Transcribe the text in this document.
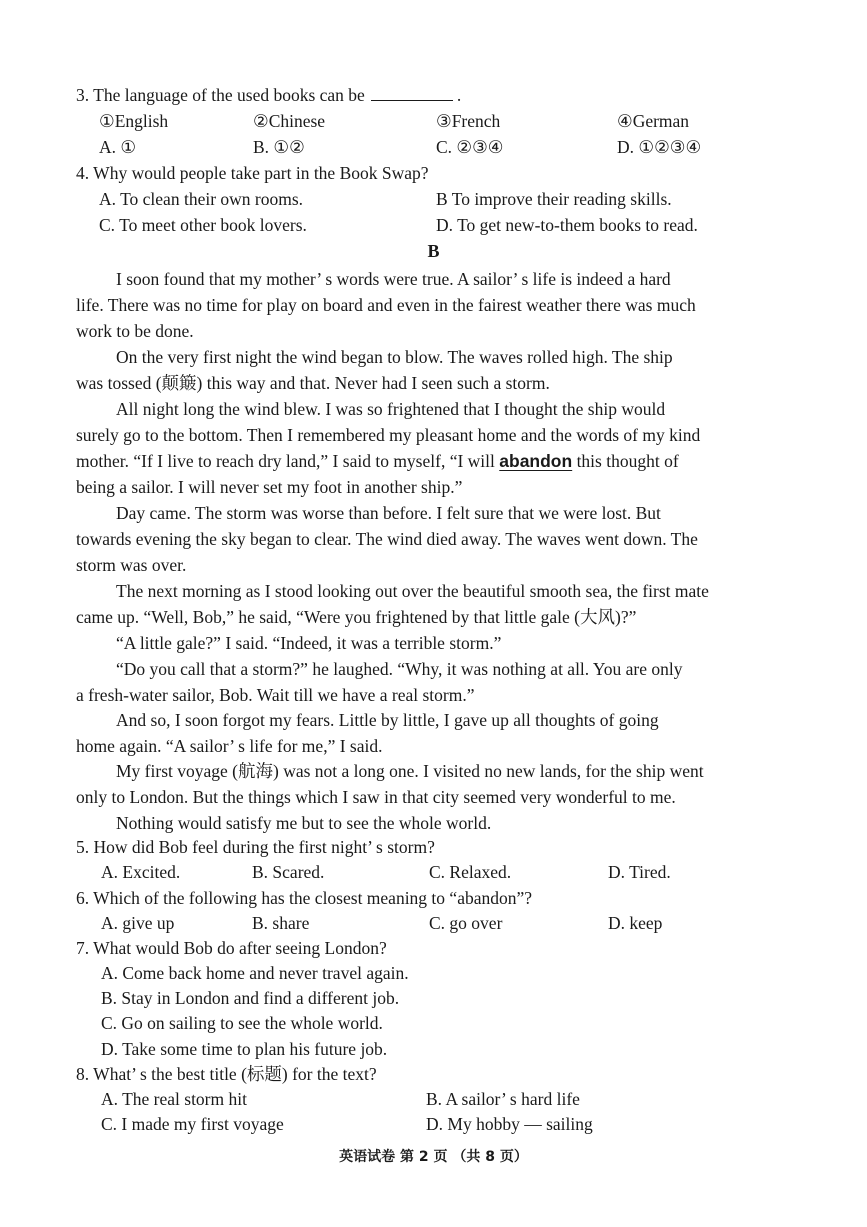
3. The language of the used books can be	.
①English	②Chinese	③French	④German
A. ①	B. ①②	C. ②③④	D. ①②③④
4. Why would people take part in the Book Swap?
A. To clean their own rooms.	B To improve their reading skills.
C. To meet other book lovers.	D. To get new-to-them books to read.
B
I soon found that my mother’ s words were true. A sailor’ s life is indeed a hard
life. There was no time for play on board and even in the fairest weather there was much
work to be done.
On the very first night the wind began to blow. The waves rolled high. The ship
was tossed (颠簸) this way and that. Never had I seen such a storm.
All night long the wind blew. I was so frightened that I thought the ship would
surely go to the bottom. Then I remembered my pleasant home and the words of my kind
mother. “If I live to reach dry land,” I said to myself, “I will abandon this thought of
being a sailor. I will never set my foot in another ship.”
Day came. The storm was worse than before. I felt sure that we were lost. But
towards evening the sky began to clear. The wind died away. The waves went down. The
storm was over.
The next morning as I stood looking out over the beautiful smooth sea, the first mate
came up. “Well, Bob,” he said, “Were you frightened by that little gale (大风)?”
“A little gale?” I said. “Indeed, it was a terrible storm.”
“Do you call that a storm?” he laughed. “Why, it was nothing at all. You are only
a fresh-water sailor, Bob. Wait till we have a real storm.”
And so, I soon forgot my fears. Little by little, I gave up all thoughts of going
home again. “A sailor’ s life for me,” I said.
My first voyage (航海) was not a long one. I visited no new lands, for the ship went
only to London. But the things which I saw in that city seemed very wonderful to me.
Nothing would satisfy me but to see the whole world.
5. How did Bob feel during the first night’ s storm?
A. Excited.	B. Scared.	C. Relaxed.	D. Tired.
6. Which of the following has the closest meaning to “abandon”?
A. give up	B. share	C. go over	D. keep
7. What would Bob do after seeing London?
A. Come back home and never travel again.
B. Stay in London and find a different job.
C. Go on sailing to see the whole world.
D. Take some time to plan his future job.
8. What’ s the best title (标题) for the text?
A. The real storm hit	B. A sailor’ s hard life
C. I made my first voyage	D. My hobby — sailing
英语试卷 第 2 页 （共 8 页）
